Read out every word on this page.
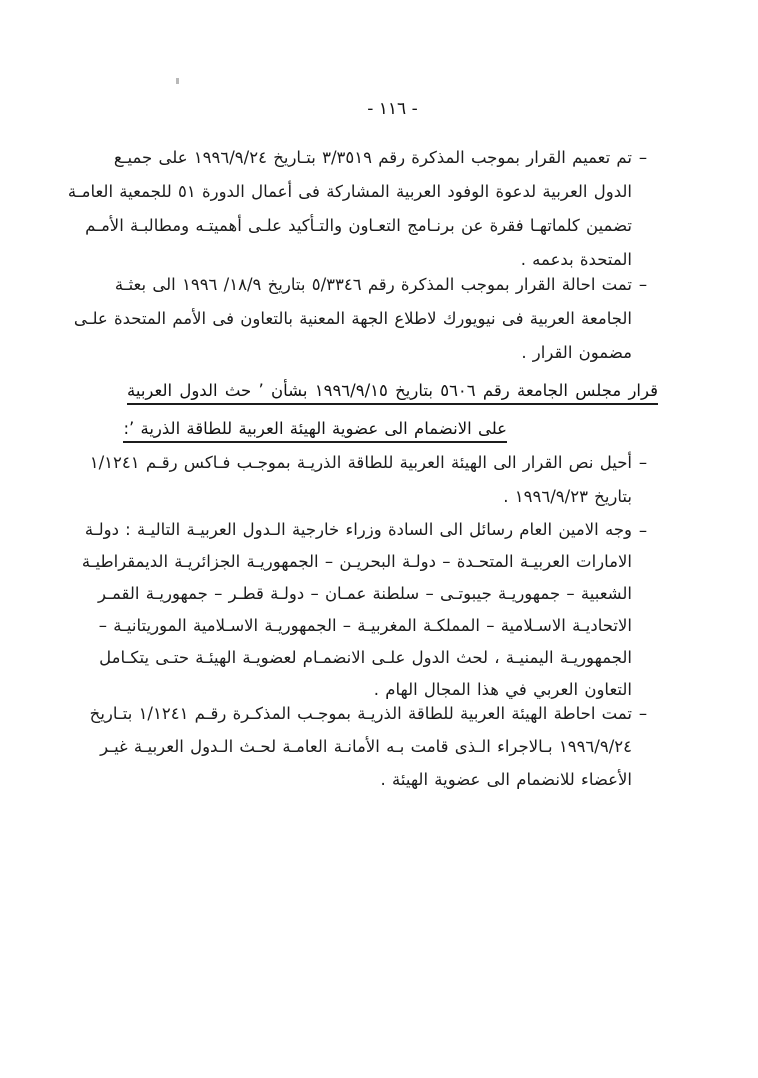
- ١١٦ -
–
تم تعميم القرار بموجب المذكرة رقم ٣/٣٥١٩ بتـاريخ ١٩٩٦/٩/٢٤ على جميـع
الدول العربية لدعوة الوفود العربية المشاركة فى أعمال الدورة ٥١ للجمعية العامـة
تضمين كلماتهـا فقرة عن برنـامج التعـاون والتـأكيد علـى أهميتـه ومطالبـة الأمـم
المتحدة بدعمه .
–
تمت احالة القرار بموجب المذكرة رقم ٥/٣٣٤٦ بتاريخ ١٨/٩/ ١٩٩٦ الى بعثـة
الجامعة العربية فى نيويورك لاطلاع الجهة المعنية بالتعاون فى الأمم المتحدة علـى
مضمون القرار .
قرار مجلس الجامعة رقم ٥٦٠٦ بتاريخ ١٩٩٦/٩/١٥ بشأن ’ حث الدول العربية
على الانضمام الى عضوية الهيئة العربية للطاقة الذرية ’:
–
أحيل نص القرار الى الهيئة العربية للطاقة الذريـة بموجـب فـاكس رقـم ١/١٢٤١
بتاريخ ١٩٩٦/٩/٢٣ .
–
وجه الامين العام رسائل الى السادة وزراء خارجية الـدول العربيـة التاليـة : دولـة
الامارات العربيـة المتحـدة – دولـة البحريـن – الجمهوريـة الجزائريـة الديمقراطيـة
الشعبية – جمهوريـة جيبوتـى – سلطنة عمـان – دولـة قطـر – جمهوريـة القمـر
الاتحاديـة الاسـلامية – المملكـة المغربيـة – الجمهوريـة الاسـلامية الموريتانيـة –
الجمهوريـة اليمنيـة ، لحث الدول علـى الانضمـام لعضويـة الهيئـة حتـى يتكـامل
التعاون العربي في هذا المجال الهام .
–
تمت احاطة الهيئة العربية للطاقة الذريـة بموجـب المذكـرة رقـم ١/١٢٤١ بتـاريخ
١٩٩٦/٩/٢٤ بـالاجراء الـذى قامت بـه الأمانـة العامـة لحـث الـدول العربيـة غيـر
الأعضاء للانضمام الى عضوية الهيئة .
